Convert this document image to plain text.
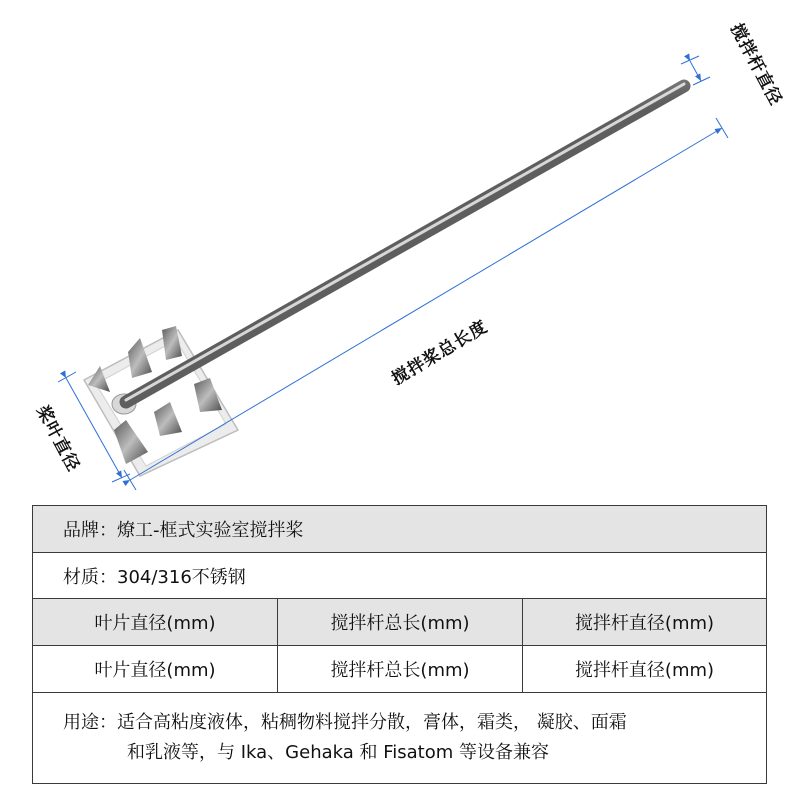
搅拌杆直径
搅拌桨总长度
桨叶直径
品牌：燎工-框式实验室搅拌桨
材质：304/316不锈钢
叶片直径(mm)	搅拌杆总长(mm)	搅拌杆直径(mm)
叶片直径(mm)	搅拌杆总长(mm)	搅拌杆直径(mm)
用途：适合高粘度液体，粘稠物料搅拌分散，膏体，霜类， 凝胶、面霜
和乳液等，与 Ika、Gehaka 和 Fisatom 等设备兼容
